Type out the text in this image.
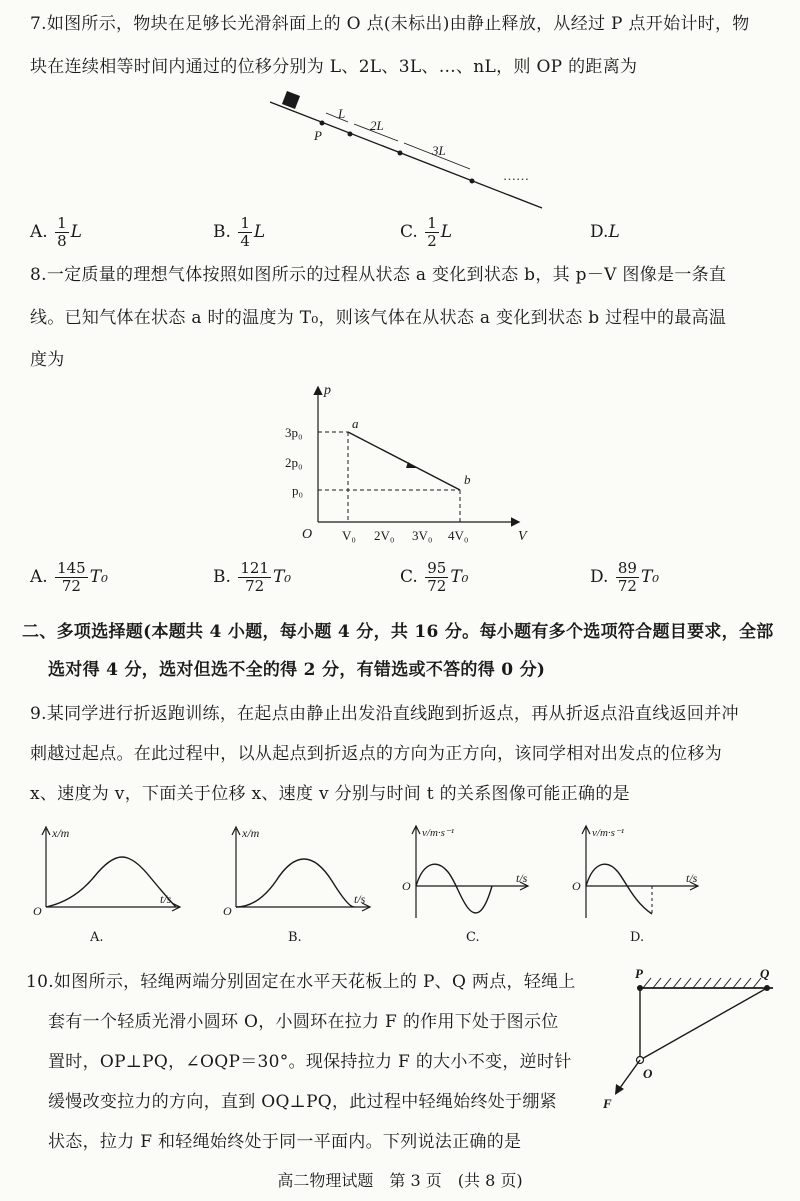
7.如图所示，物块在足够长光滑斜面上的 O 点(未标出)由静止释放，从经过 P 点开始计时，物
块在连续相等时间内通过的位移分别为 L、2L、3L、…、nL，则 OP 的距离为
P
L
2L
3L
……
A. $\frac{1}{8}$ L	B. $\frac{1}{4}$ L	C. $\frac{1}{2}$ L	D.L
8.一定质量的理想气体按照如图所示的过程从状态 a 变化到状态 b，其 p－V 图像是一条直
线。已知气体在状态 a 时的温度为 T₀，则该气体在从状态 a 变化到状态 b 过程中的最高温
度为
p
V
O
3p₀
2p₀
p₀
V₀ 2V₀ 3V₀ 4V₀
a
b
A. $\frac{145}{72} T_0$	B. $\frac{121}{72} T_0$	C. $\frac{95}{72} T_0$	D. $\frac{89}{72} T_0$
二、多项选择题(本题共 4 小题，每小题 4 分，共 16 分。每小题有多个选项符合题目要求，全部
选对得 4 分，选对但选不全的得 2 分，有错选或不答的得 0 分)
9.某同学进行折返跑训练，在起点由静止出发沿直线跑到折返点，再从折返点沿直线返回并冲
刺越过起点。在此过程中，以从起点到折返点的方向为正方向，该同学相对出发点的位移为
x、速度为 v，下面关于位移 x、速度 v 分别与时间 t 的关系图像可能正确的是
x/m
t/s
O
A.
x/m
t/s
O
B.
v/m·s⁻¹
t/s
O
C.
v/m·s⁻¹
t/s
O
D.
10.如图所示，轻绳两端分别固定在水平天花板上的 P、Q 两点，轻绳上
套有一个轻质光滑小圆环 O，小圆环在拉力 F 的作用下处于图示位
置时，OP⊥PQ，∠OQP＝30°。现保持拉力 F 的大小不变，逆时针
缓慢改变拉力的方向，直到 OQ⊥PQ，此过程中轻绳始终处于绷紧
状态，拉力 F 和轻绳始终处于同一平面内。下列说法正确的是
P	Q
O
F
高二物理试题　第 3 页　(共 8 页)
